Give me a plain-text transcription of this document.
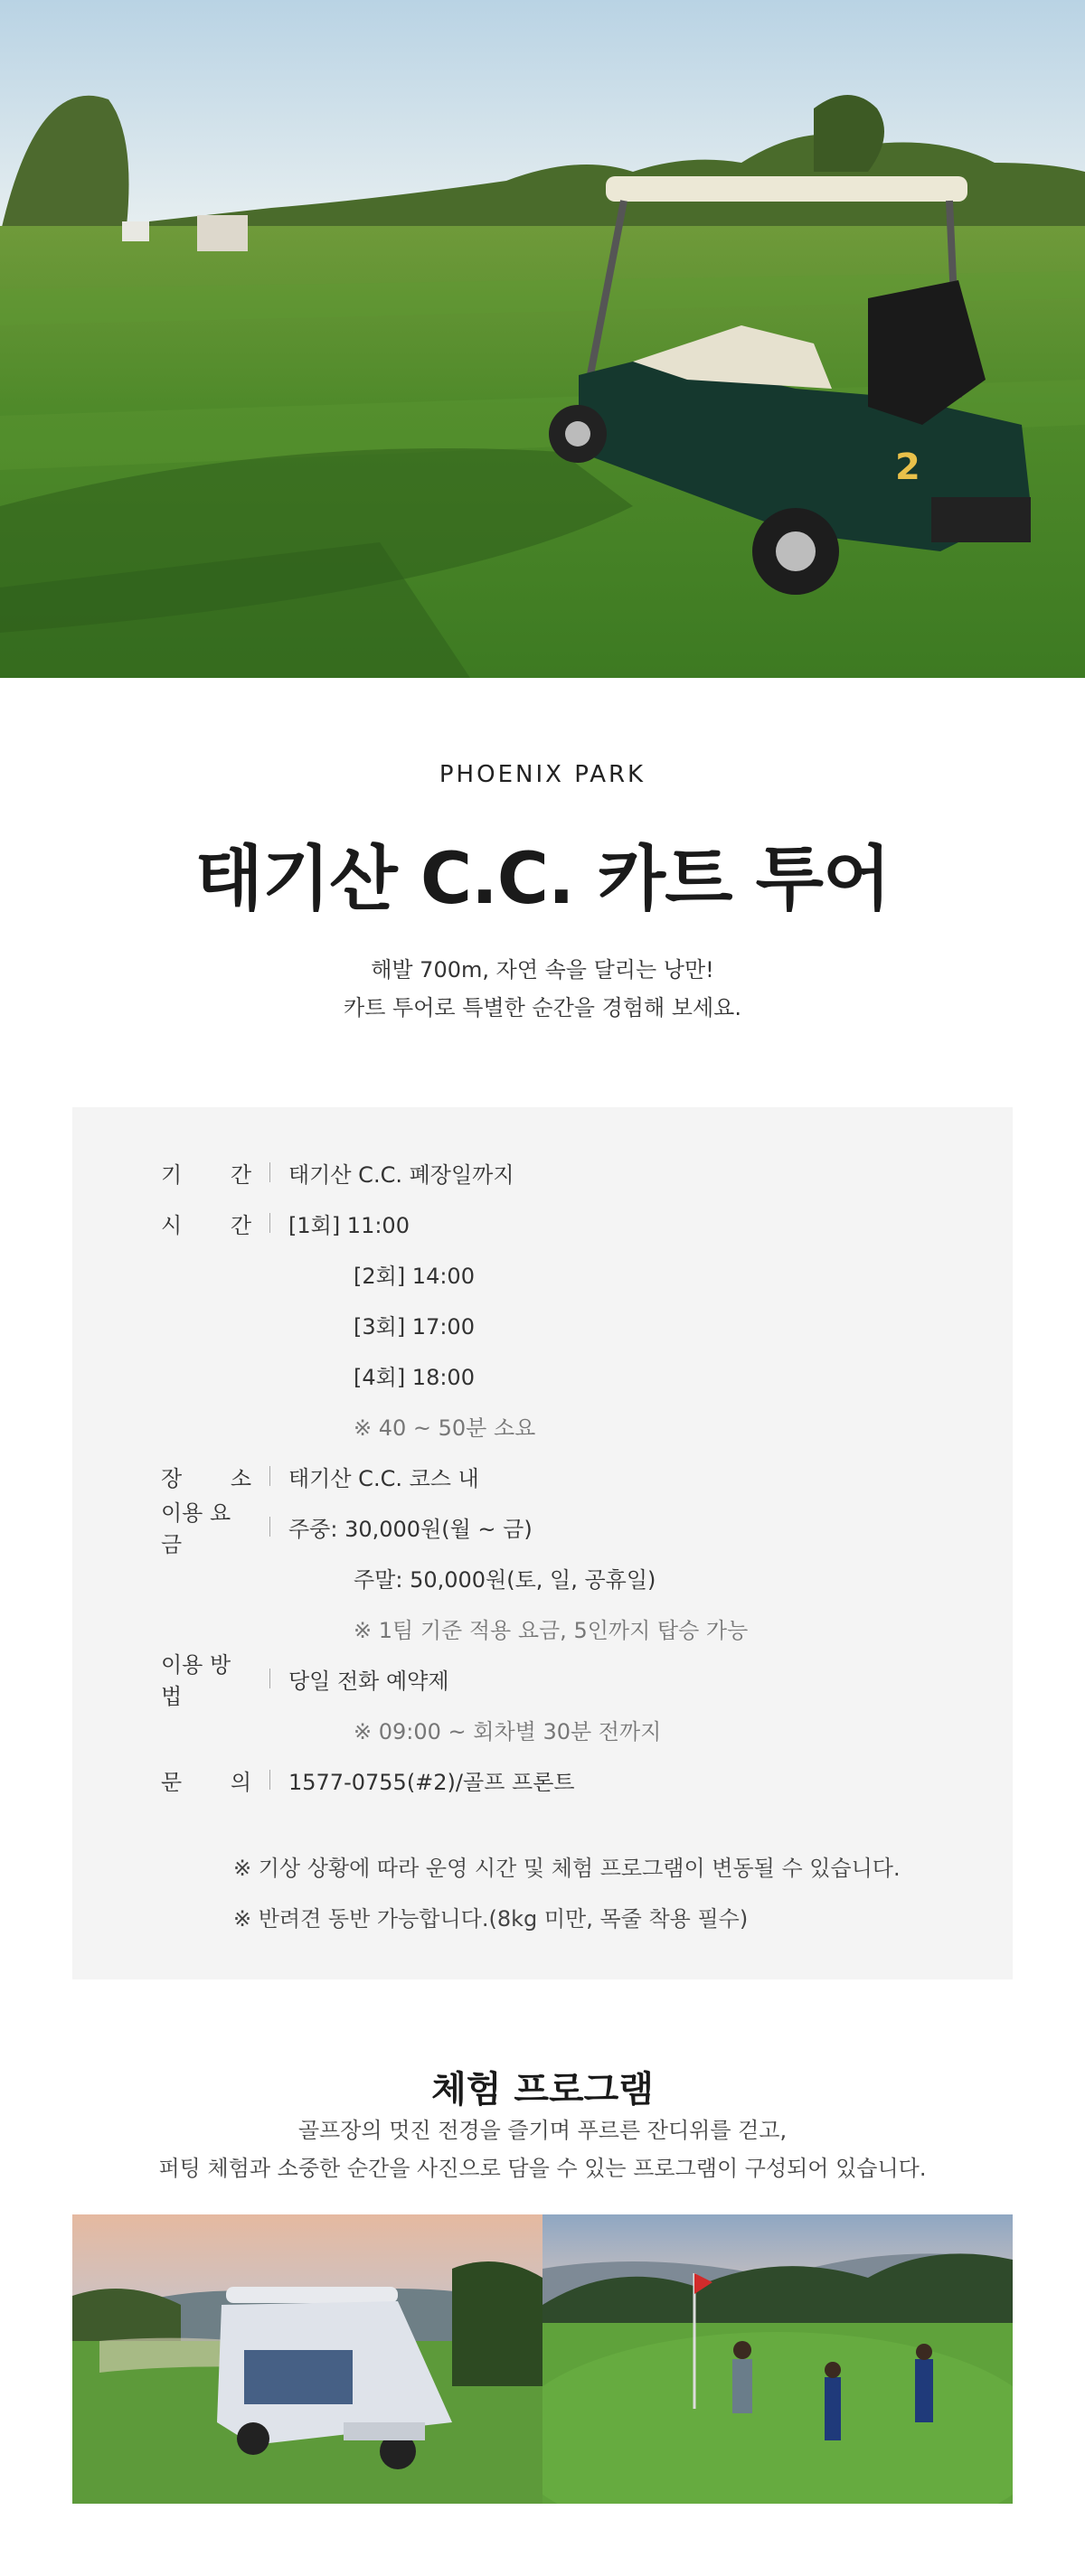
2
PHOENIX PARK
태기산 C.C. 카트 투어
해발 700m, 자연 속을 달리는 낭만!
카트 투어로 특별한 순간을 경험해 보세요.
기 간 태기산 C.C. 폐장일까지
시 간 [1회] 11:00
[2회] 14:00
[3회] 17:00
[4회] 18:00
※ 40 ~ 50분 소요
장 소 태기산 C.C. 코스 내
이용 요금
주중: 30,000원(월 ~ 금)
주말: 50,000원(토, 일, 공휴일)
※ 1팀 기준 적용 요금, 5인까지 탑승 가능
이용 방법
당일 전화 예약제
※ 09:00 ~ 회차별 30분 전까지
문 의 1577-0755(#2)/골프 프론트
※ 기상 상황에 따라 운영 시간 및 체험 프로그램이 변동될 수 있습니다.
※ 반려견 동반 가능합니다.(8kg 미만, 목줄 착용 필수)
체험 프로그램
골프장의 멋진 전경을 즐기며 푸르른 잔디위를 걷고,
퍼팅 체험과 소중한 순간을 사진으로 담을 수 있는 프로그램이 구성되어 있습니다.
